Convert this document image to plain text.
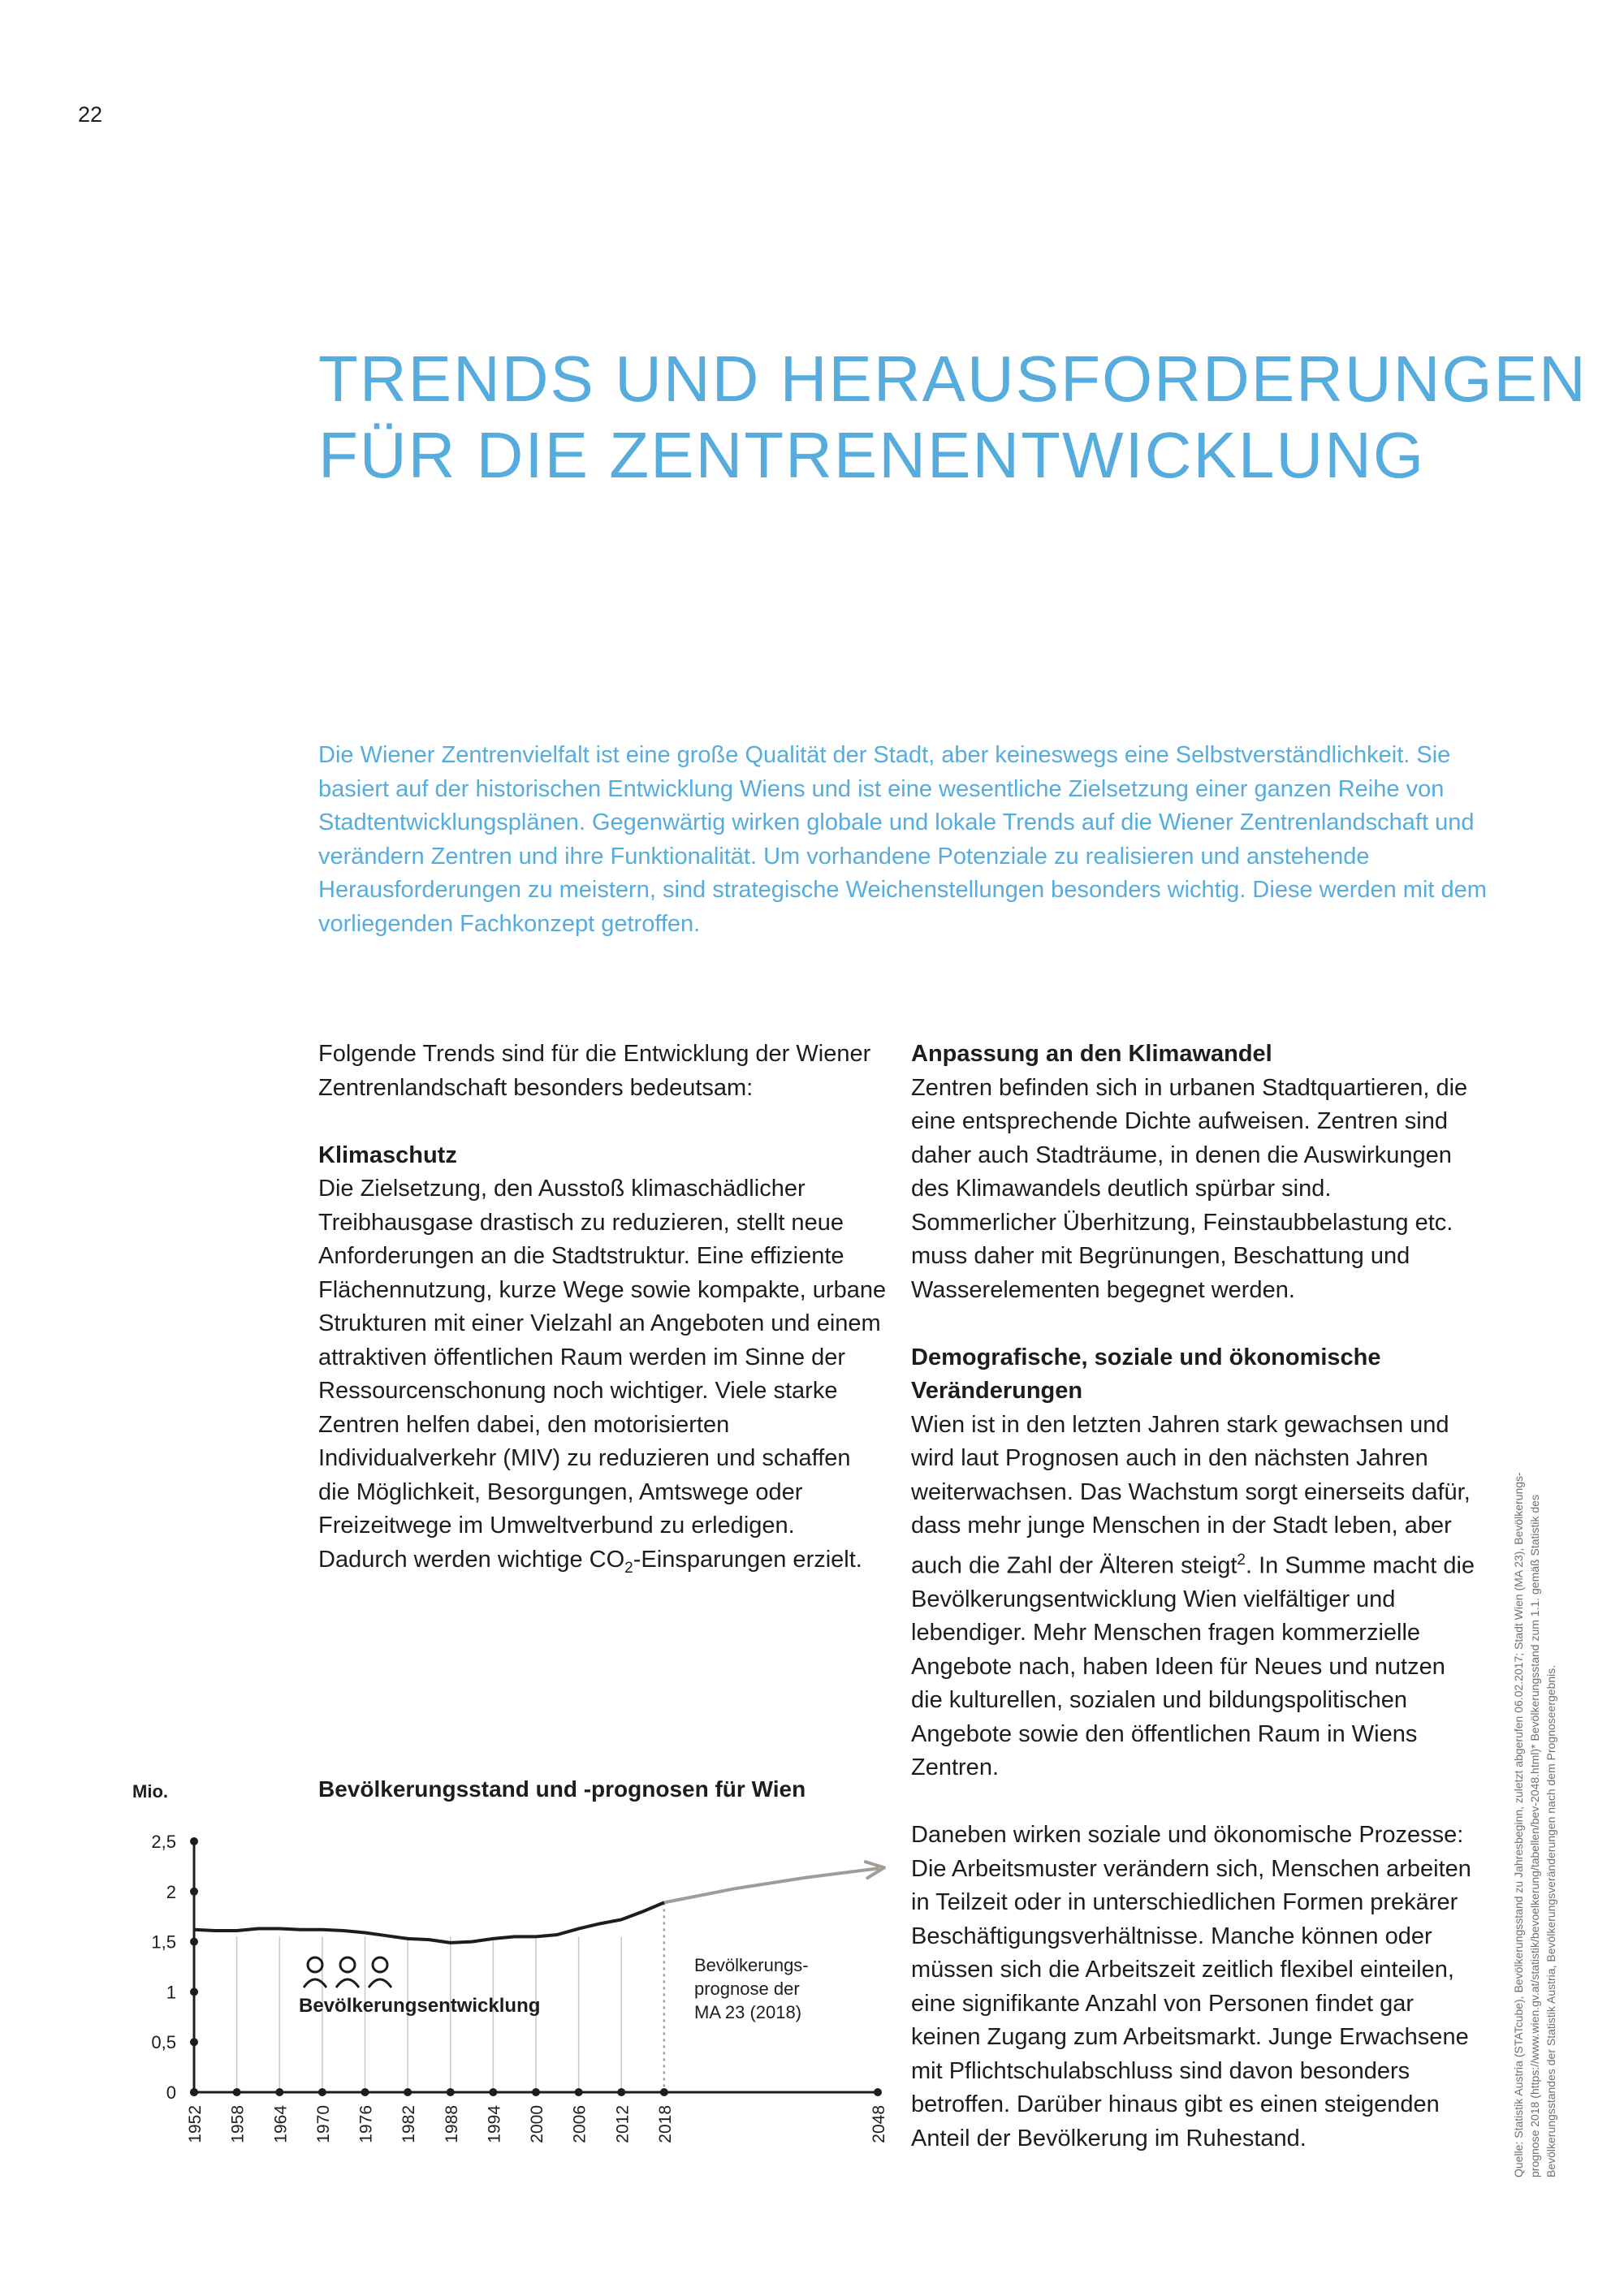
22
TRENDS UND HERAUSFORDERUNGEN
FÜR DIE ZENTRENENTWICKLUNG

Die Wiener Zentrenvielfalt ist eine große Qualität der Stadt, aber keineswegs eine Selbstverständlichkeit. Sie basiert auf der historischen Entwicklung Wiens und ist eine wesentliche Zielsetzung einer ganzen Reihe von Stadtentwicklungsplänen. Gegenwärtig wirken globale und lokale Trends auf die Wiener Zentrenlandschaft und verändern Zentren und ihre Funktionalität. Um vorhandene Potenziale zu realisieren und anstehende Herausforderungen zu meistern, sind strategische Weichenstellungen besonders wichtig. Diese werden mit dem vorliegenden Fachkonzept getroffen.

Folgende Trends sind für die Entwicklung der Wiener Zentrenlandschaft besonders bedeutsam:

Klimaschutz

Die Zielsetzung, den Ausstoß klimaschädlicher Treibhausgase drastisch zu reduzieren, stellt neue Anforderungen an die Stadtstruktur. Eine effiziente Flächennutzung, kurze Wege sowie kompakte, urbane Strukturen mit einer Vielzahl an Angeboten und einem attraktiven öffentlichen Raum werden im Sinne der Ressourcenschonung noch wichtiger. Viele starke Zentren helfen dabei, den motorisierten Individualverkehr (MIV) zu reduzieren und schaffen die Möglichkeit, Besorgungen, Amtswege oder Freizeitwege im Umweltverbund zu erledigen. Dadurch werden wichtige $CO_2$-Einsparungen erzielt.

Anpassung an den Klimawandel

Zentren befinden sich in urbanen Stadtquartieren, die eine entsprechende Dichte aufweisen. Zentren sind daher auch Stadträume, in denen die Auswirkungen des Klimawandels deutlich spürbar sind. Sommerlicher Überhitzung, Feinstaubbelastung etc. muss daher mit Begrünungen, Beschattung und Wasserelementen begegnet werden.

Demografische, soziale und ökonomische Veränderungen

Wien ist in den letzten Jahren stark gewachsen und wird laut Prognosen auch in den nächsten Jahren weiterwachsen. Das Wachstum sorgt einerseits dafür, dass mehr junge Menschen in der Stadt leben, aber auch die Zahl der Älteren steigt$^2$. In Summe macht die Bevölkerungsentwicklung Wien vielfältiger und lebendiger. Mehr Menschen fragen kommerzielle Angebote nach, haben Ideen für Neues und nutzen die kulturellen, sozialen und bildungspolitischen Angebote sowie den öffentlichen Raum in Wiens Zentren.

Daneben wirken soziale und ökonomische Prozesse: Die Arbeitsmuster verändern sich, Menschen arbeiten in Teilzeit oder in unterschiedlichen Formen prekärer Beschäftigungsverhältnisse. Manche können oder müssen sich die Arbeitszeit zeitlich flexibel einteilen, eine signifikante Anzahl von Personen findet gar keinen Zugang zum Arbeitsmarkt. Junge Erwachsene mit Pflichtschulabschluss sind davon besonders betroffen. Darüber hinaus gibt es einen steigenden Anteil der Bevölkerung im Ruhestand.	Quelle: Statistik Austria (STATcube), Bevölkerungsstand zu Jahresbeginn, zuletzt abgerufen 06.02.2017; Stadt Wien (MA 23), Bevölkerungs- prognose 2018 (https://www.wien.gv.at/statistik/bevoelkerung/tabellen/bev-2048.html)* Bevölkerungsstand zum 1.1. gemäß Statistik des Bevölkerungsstandes der Statistik Austria, Bevölkerungsveränderungen nach dem Prognoseergebnis.
Mio.	Bevölkerungsstand und -prognosen für Wien
0
0,5
1
1,5
2
2,5
1952 1958 1964 1970 1976 1982 1988 1994 2000 2006 2012 2018	2048
Bevölkerungsentwicklung
Bevölkerungs-
prognose der
MA 23 (2018)
